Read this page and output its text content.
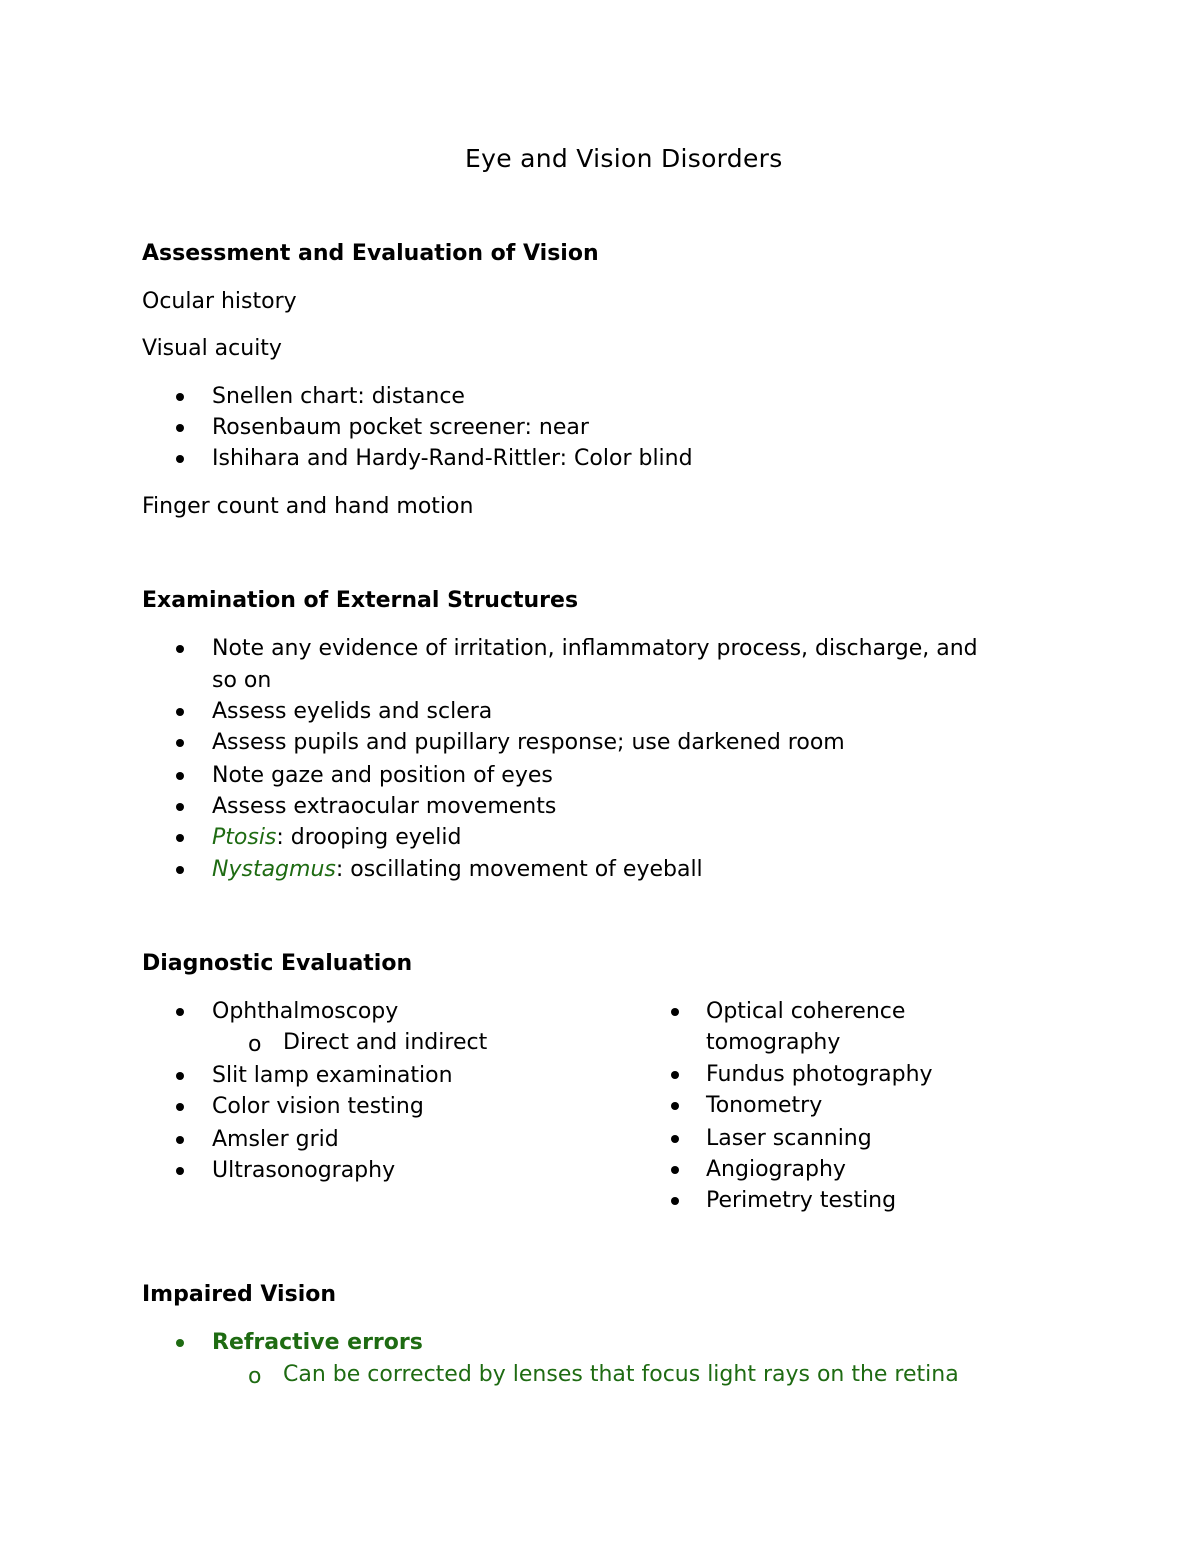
Eye and Vision Disorders
Assessment and Evaluation of Vision
Ocular history
Visual acuity
Snellen chart: distance
Rosenbaum pocket screener: near
Ishihara and Hardy-Rand-Rittler: Color blind
Finger count and hand motion
Examination of External Structures
Note any evidence of irritation, inflammatory process, discharge, and
so on
Assess eyelids and sclera
Assess pupils and pupillary response; use darkened room
Note gaze and position of eyes
Assess extraocular movements
Ptosis: drooping eyelid
Nystagmus: oscillating movement of eyeball
Diagnostic Evaluation
Ophthalmoscopy
o Direct and indirect
Slit lamp examination
Color vision testing
Amsler grid
Ultrasonography
Optical coherence
tomography
Fundus photography
Tonometry
Laser scanning
Angiography
Perimetry testing
Impaired Vision
Refractive errors
o Can be corrected by lenses that focus light rays on the retina
